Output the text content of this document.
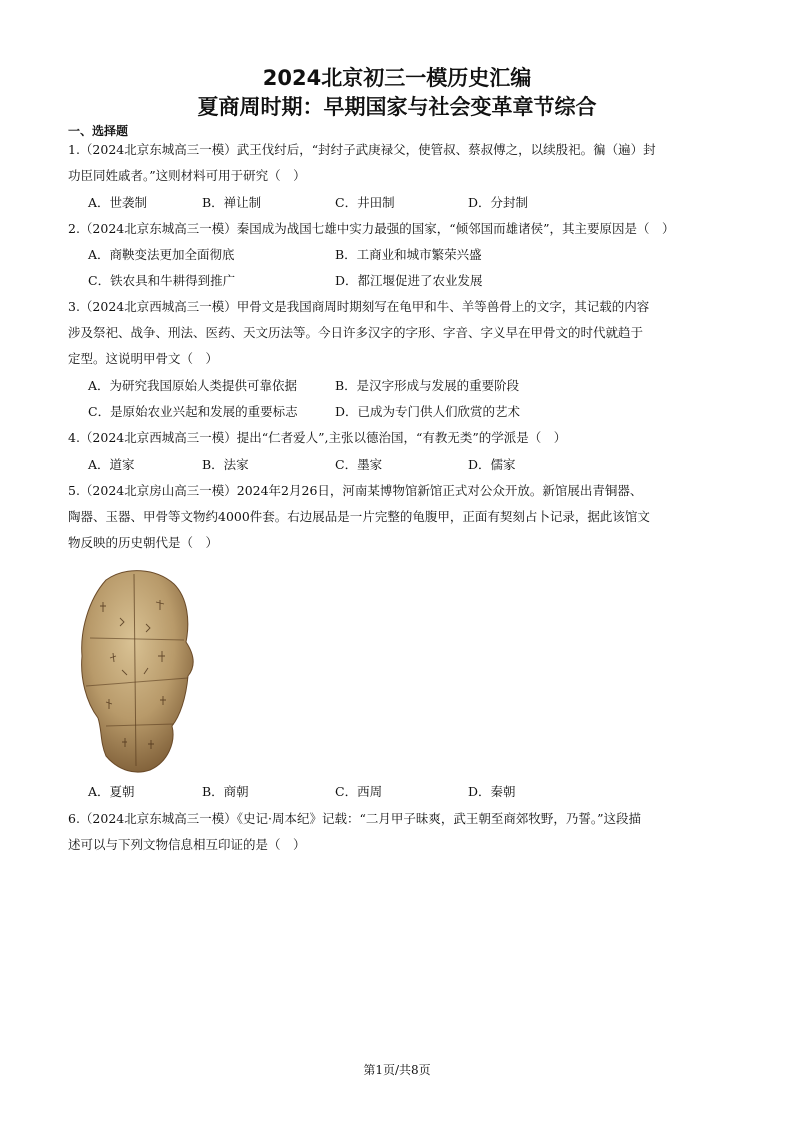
2024北京初三一模历史汇编
夏商周时期：早期国家与社会变革章节综合
一、选择题
1.（2024北京东城高三一模）武王伐纣后，“封纣子武庚禄父，使管叔、蔡叔傅之，以续殷祀。徧（遍）封
功臣同姓戚者。”这则材料可用于研究（　）
A．世袭制	B．禅让制	C．井田制	D．分封制
2.（2024北京东城高三一模）秦国成为战国七雄中实力最强的国家，“倾邻国而雄诸侯”，其主要原因是（　）
A．商鞅变法更加全面彻底	B．工商业和城市繁荣兴盛
C．铁农具和牛耕得到推广	D．都江堰促进了农业发展
3.（2024北京西城高三一模）甲骨文是我国商周时期刻写在龟甲和牛、羊等兽骨上的文字，其记载的内容
涉及祭祀、战争、刑法、医药、天文历法等。今日许多汉字的字形、字音、字义早在甲骨文的时代就趋于
定型。这说明甲骨文（　）
A．为研究我国原始人类提供可靠依据	B．是汉字形成与发展的重要阶段
C．是原始农业兴起和发展的重要标志	D．已成为专门供人们欣赏的艺术
4.（2024北京西城高三一模）提出“仁者爱人”,主张以德治国，“有教无类”的学派是（　）
A．道家	B．法家	C．墨家	D．儒家
5.（2024北京房山高三一模）2024年2月26日，河南某博物馆新馆正式对公众开放。新馆展出青铜器、
陶器、玉器、甲骨等文物约4000件套。右边展品是一片完整的龟腹甲，正面有契刻占卜记录，据此该馆文
物反映的历史朝代是（　）
A．夏朝	B．商朝	C．西周	D．秦朝
6.（2024北京东城高三一模）《史记·周本纪》记载：“二月甲子昧爽，武王朝至商郊牧野，乃誓。”这段描
述可以与下列文物信息相互印证的是（　）
第1页/共8页
